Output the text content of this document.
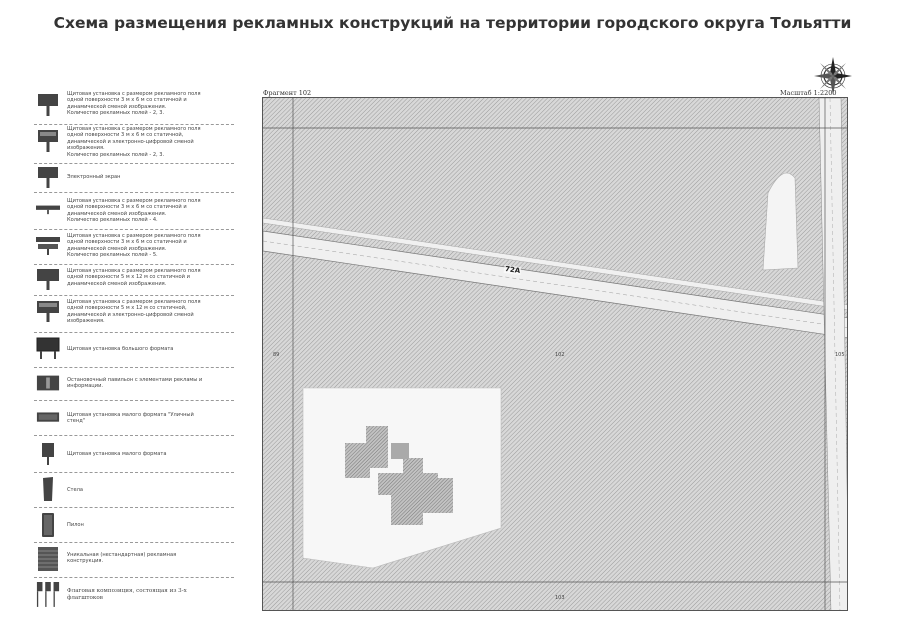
Схема размещения рекламных конструкций на территории городского округа Тольятти
Щитовая установка с размером рекламного поля
одной поверхности 3 м х 6 м со статичной и
динамической сменой изображения.
Количество рекламных полей - 2, 3.
Щитовая установка с размером рекламного поля
одной поверхности 3 м х 6 м со статичной,
динамической и электронно-цифровой сменой
изображения.
Количество рекламных полей - 2, 3.
Электронный экран
Щитовая установка с размером рекламного поля
одной поверхности 3 м х 6 м со статичной и
динамической сменой изображения.
Количество рекламных полей - 4.
Щитовая установка с размером рекламного поля
одной поверхности 3 м х 6 м со статичной и
динамической сменой изображения.
Количество рекламных полей - 5.
Щитовая установка с размером рекламного поля
одной поверхности 5 м х 12 м со статичной и
динамической сменой изображения.
Щитовая установка с размером рекламного поля
одной поверхности 5 м х 12 м со статичной,
динамической и электронно-цифровой сменой
изображения.
Щитовая установка большого формата
Остановочный павильон с элементами рекламы и
информации.
Щитовая установка малого формата "Уличный
стенд"
Щитовая установка малого формата
Стела
Пилон
Уникальная (нестандартная) рекламная
конструкция.
Флаговая композиция, состоящая из 3-х
флагштоков
Фрагмент 102	Масштаб 1:2200
72А
89	102	105
103
